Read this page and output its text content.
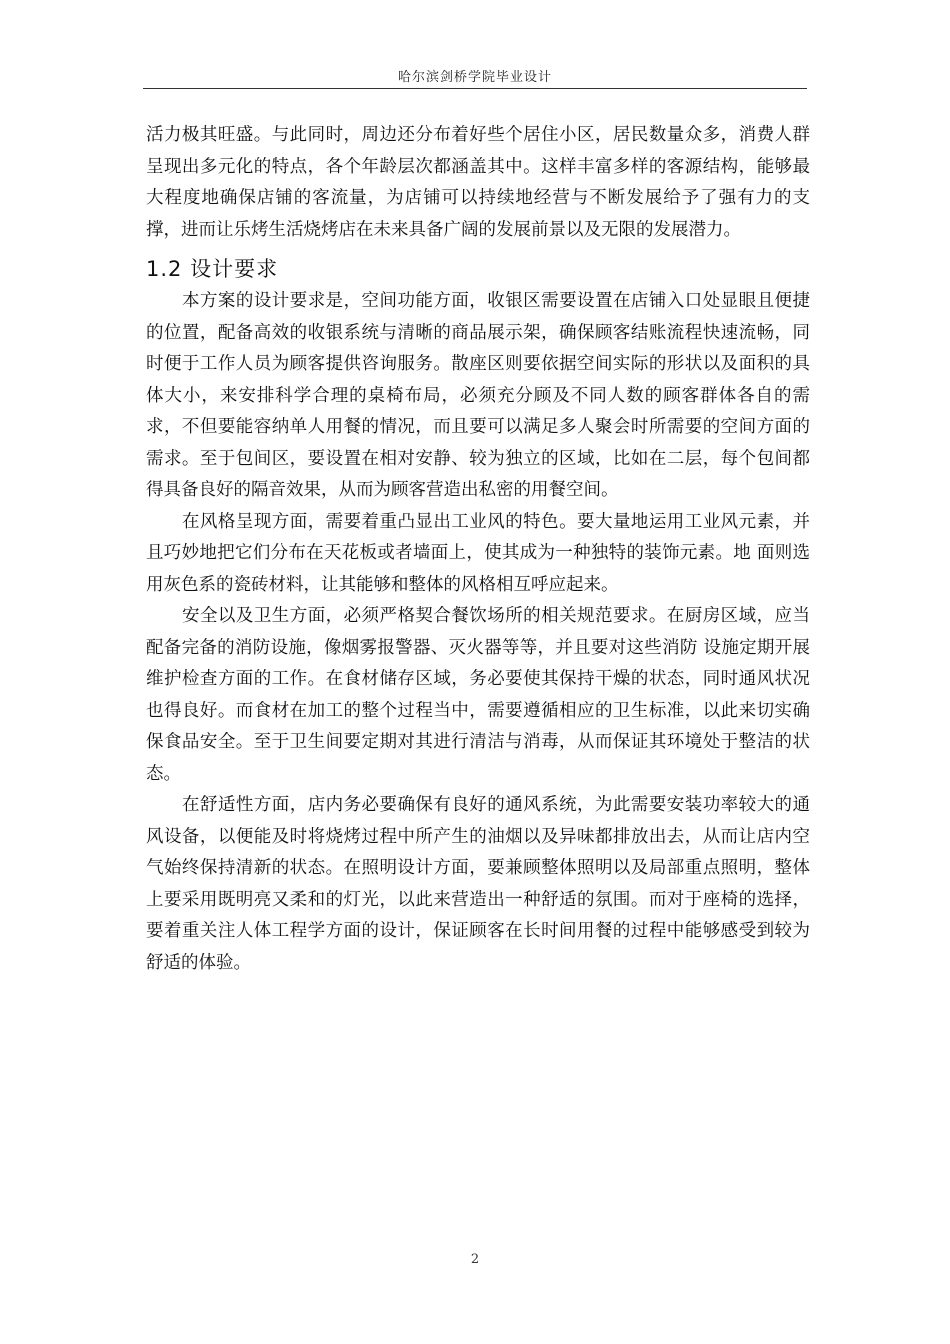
哈尔滨剑桥学院毕业设计

活力极其旺盛。与此同时，周边还分布着好些个居住小区，居民数量众多，消费人群呈现出多元化的特点，各个年龄层次都涵盖其中。这样丰富多样的客源结构，能够最大程度地确保店铺的客流量，为店铺可以持续地经营与不断发展给予了强有力的支撑，进而让乐烤生活烧烤店在未来具备广阔的发展前景以及无限的发展潜力。

1.2 设计要求

本方案的设计要求是，空间功能方面，收银区需要设置在店铺入口处显眼且便捷的位置，配备高效的收银系统与清晰的商品展示架，确保顾客结账流程快速流畅，同时便于工作人员为顾客提供咨询服务。散座区则要依据空间实际的形状以及面积的具体大小，来安排科学合理的桌椅布局，必须充分顾及不同人数的顾客群体各自的需求，不但要能容纳单人用餐的情况，而且要可以满足多人聚会时所需要的空间方面的需求。至于包间区，要设置在相对安静、较为独立的区域，比如在二层，每个包间都得具备良好的隔音效果，从而为顾客营造出私密的用餐空间。

在风格呈现方面，需要着重凸显出工业风的特色。要大量地运用工业风元素，并且巧妙地把它们分布在天花板或者墙面上，使其成为一种独特的装饰元素。地 面则选用灰色系的瓷砖材料，让其能够和整体的风格相互呼应起来。

安全以及卫生方面，必须严格契合餐饮场所的相关规范要求。在厨房区域，应当配备完备的消防设施，像烟雾报警器、灭火器等等，并且要对这些消防 设施定期开展维护检查方面的工作。在食材储存区域，务必要使其保持干燥的状态，同时通风状况也得良好。而食材在加工的整个过程当中，需要遵循相应的卫生标准，以此来切实确保食品安全。至于卫生间要定期对其进行清洁与消毒，从而保证其环境处于整洁的状态。

在舒适性方面，店内务必要确保有良好的通风系统，为此需要安装功率较大的通风设备，以便能及时将烧烤过程中所产生的油烟以及异味都排放出去，从而让店内空气始终保持清新的状态。在照明设计方面，要兼顾整体照明以及局部重点照明，整体上要采用既明亮又柔和的灯光，以此来营造出一种舒适的氛围。而对于座椅的选择，要着重关注人体工程学方面的设计，保证顾客在长时间用餐的过程中能够感受到较为舒适的体验。

2
